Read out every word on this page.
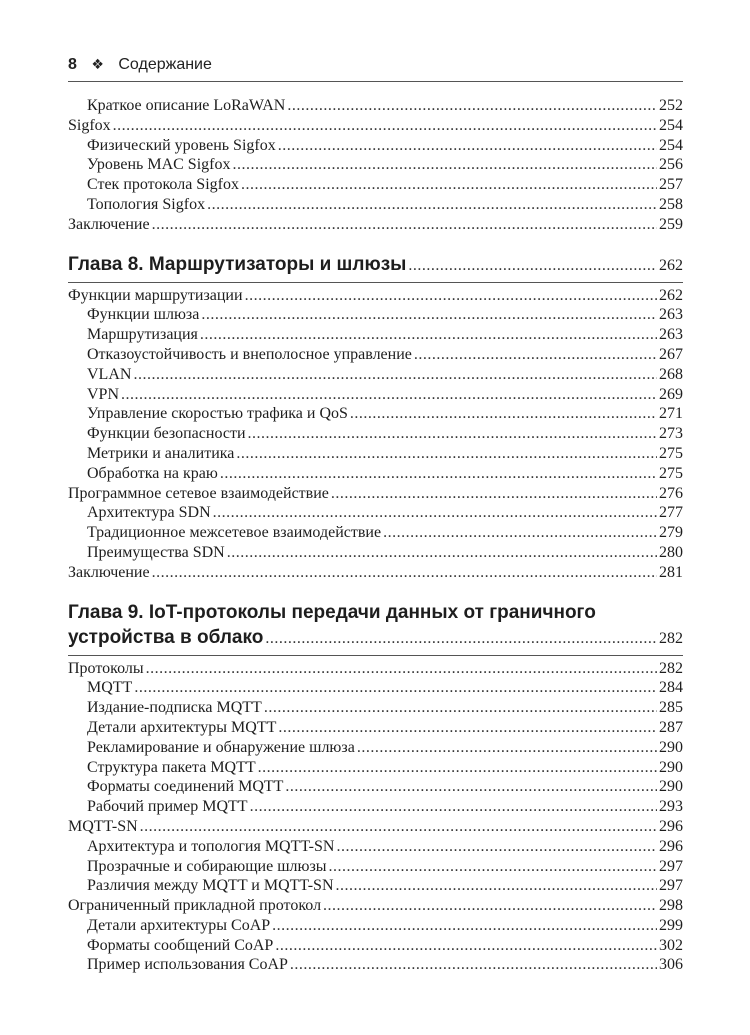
8 ❖ Содержание
Краткое описание LoRaWAN .....	252
Sigfox .....	254
Физический уровень Sigfox .....	254
Уровень MAC Sigfox .....	256
Стек протокола Sigfox .....	257
Топология Sigfox .....	258
Заключение .....	259
Глава 8. Маршрутизаторы и шлюзы .....	262
Функции маршрутизации .....	262
Функции шлюза .....	263
Маршрутизация .....	263
Отказоустойчивость и внеполосное управление .....	267
VLAN .....	268
VPN .....	269
Управление скоростью трафика и QoS .....	271
Функции безопасности .....	273
Метрики и аналитика .....	275
Обработка на краю .....	275
Программное сетевое взаимодействие .....	276
Архитектура SDN .....	277
Традиционное межсетевое взаимодействие .....	279
Преимущества SDN .....	280
Заключение .....	281
Глава 9. IoT-протоколы передачи данных от граничного
устройства в облако .....	282
Протоколы .....	282
MQTT .....	284
Издание-подписка MQTT .....	285
Детали архитектуры MQTT .....	287
Рекламирование и обнаружение шлюза .....	290
Структура пакета MQTT .....	290
Форматы соединений MQTT .....	290
Рабочий пример MQTT .....	293
MQTT-SN .....	296
Архитектура и топология MQTT-SN .....	296
Прозрачные и собирающие шлюзы .....	297
Различия между MQTT и MQTT-SN .....	297
Ограниченный прикладной протокол .....	298
Детали архитектуры CoAP .....	299
Форматы сообщений CoAP .....	302
Пример использования CoAP .....	306
